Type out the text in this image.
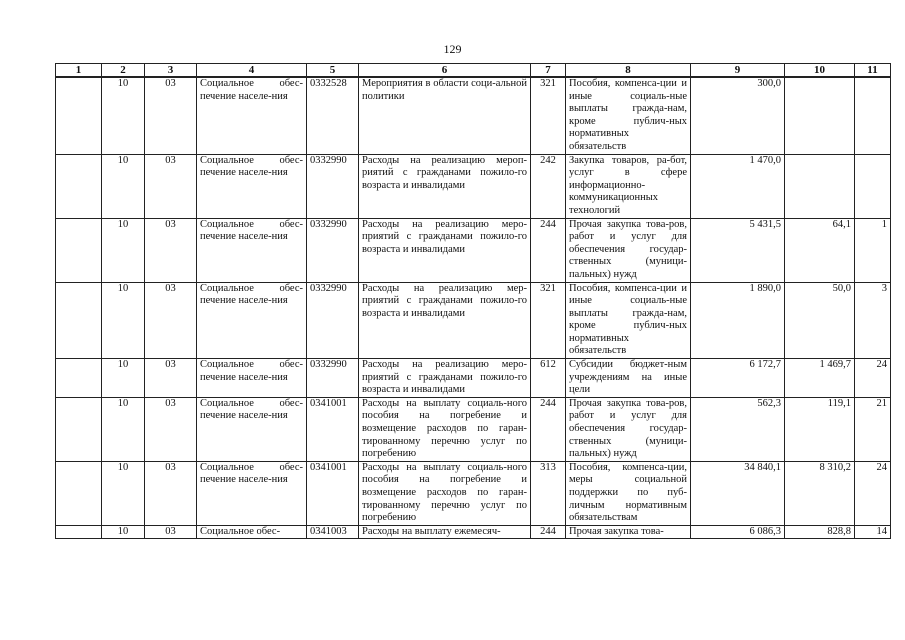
129
1	2	3	4	5	6	7	8	9	10	11
	10	03	Социальное обес-печение населе-ния	0332528	Мероприятия в области соци-альной политики	321	Пособия, компенса-ции и иные социаль-ные выплаты гражда-нам, кроме публич-ных нормативных обязательств	300,0		
	10	03	Социальное обес-печение населе-ния	0332990	Расходы на реализацию мероп-риятий с гражданами пожило-го возраста и инвалидами	242	Закупка товаров, ра-бот, услуг в сфере информационно-коммуникационных технологий	1 470,0		
	10	03	Социальное обес-печение населе-ния	0332990	Расходы на реализацию меро-приятий с гражданами пожило-го возраста и инвалидами	244	Прочая закупка това-ров, работ и услуг для обеспечения государ-ственных (муници-пальных) нужд	5 431,5	64,1	1
	10	03	Социальное обес-печение населе-ния	0332990	Расходы на реализацию мер-приятий с гражданами пожило-го возраста и инвалидами	321	Пособия, компенса-ции и иные социаль-ные выплаты гражда-нам, кроме публич-ных нормативных обязательств	1 890,0	50,0	3
	10	03	Социальное обес-печение населе-ния	0332990	Расходы на реализацию меро-приятий с гражданами пожило-го возраста и инвалидами	612	Субсидии бюджет-ным учреждениям на иные цели	6 172,7	1 469,7	24
	10	03	Социальное обес-печение населе-ния	0341001	Расходы на выплату социаль-ного пособия на погребение и возмещение расходов по гаран-тированному перечню услуг по погребению	244	Прочая закупка това-ров, работ и услуг для обеспечения государ-ственных (муници-пальных) нужд	562,3	119,1	21
	10	03	Социальное обес-печение населе-ния	0341001	Расходы на выплату социаль-ного пособия на погребение и возмещение расходов по гаран-тированному перечню услуг по погребению	313	Пособия, компенса-ции, меры социальной поддержки по пуб-личным нормативным обязательствам	34 840,1	8 310,2	24
	10	03	Социальное обес-	0341003	Расходы на выплату ежемесяч-	244	Прочая закупка това-	6 086,3	828,8	14
